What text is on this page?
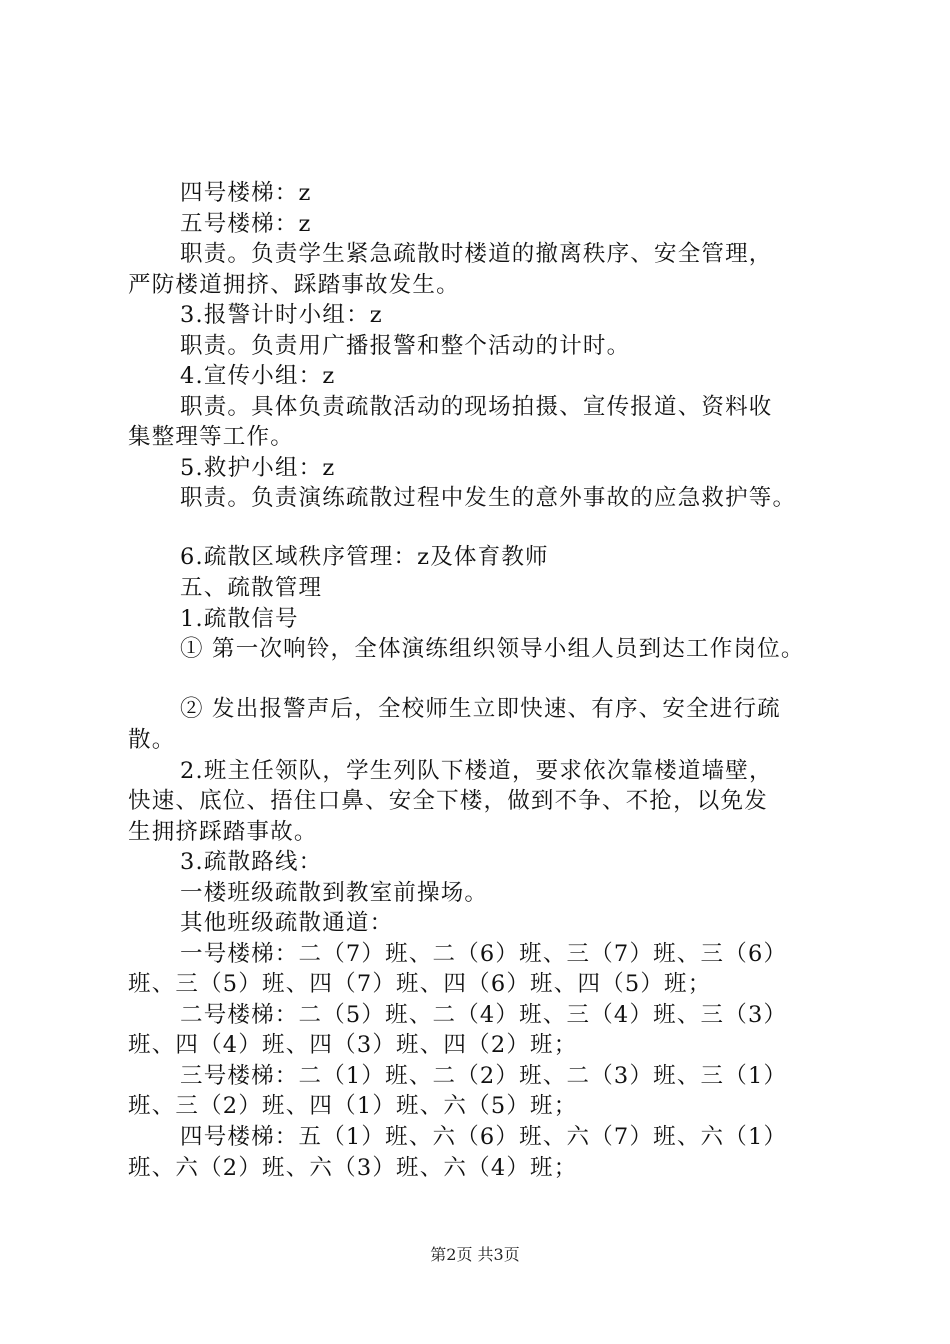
四号楼梯：z
五号楼梯：z
职责。负责学生紧急疏散时楼道的撤离秩序、安全管理，
严防楼道拥挤、踩踏事故发生。
3.报警计时小组：z
职责。负责用广播报警和整个活动的计时。
4.宣传小组：z
职责。具体负责疏散活动的现场拍摄、宣传报道、资料收
集整理等工作。
5.救护小组：z
职责。负责演练疏散过程中发生的意外事故的应急救护等。
6.疏散区域秩序管理：z及体育教师
五、疏散管理
1.疏散信号
① 第一次响铃，全体演练组织领导小组人员到达工作岗位。
② 发出报警声后，全校师生立即快速、有序、安全进行疏
散。
2.班主任领队，学生列队下楼道，要求依次靠楼道墙壁，
快速、底位、捂住口鼻、安全下楼，做到不争、不抢，以免发
生拥挤踩踏事故。
3.疏散路线：
一楼班级疏散到教室前操场。
其他班级疏散通道：
一号楼梯：二（7）班、二（6）班、三（7）班、三（6）
班、三（5）班、四（7）班、四（6）班、四（5）班；
二号楼梯：二（5）班、二（4）班、三（4）班、三（3）
班、四（4）班、四（3）班、四（2）班；
三号楼梯：二（1）班、二（2）班、二（3）班、三（1）
班、三（2）班、四（1）班、六（5）班；
四号楼梯：五（1）班、六（6）班、六（7）班、六（1）
班、六（2）班、六（3）班、六（4）班；
第2页 共3页
